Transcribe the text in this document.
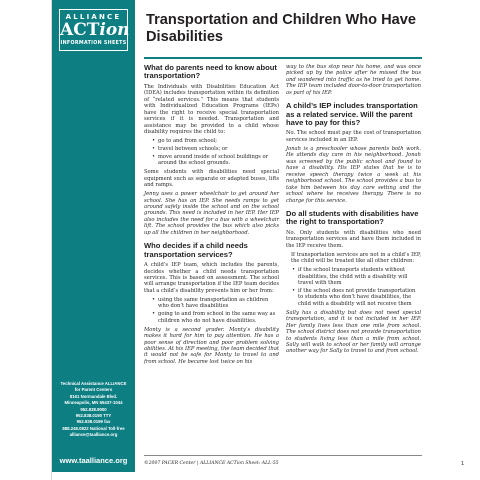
ALLIANCE
ACTion
INFORMATION SHEETS
Technical Assistance ALLIANCE
for Parent Centers
8161 Normandale Blvd.
Minneapolis, MN 55437-1044
952.838.9000
952.838.0190 TTY
952.838.0199 fax
888.248.0822 National Toll-free
alliance@taalliance.org
www.taalliance.org
Transportation and Children Who Have Disabilities
What do parents need to know about transportation?

The Individuals with Disabilities Education Act (IDEA) includes transportation within its definition of “related services.” This means that students with Individualized Education Programs (IEPs) have the right to receive special transportation services if it is needed. Transportation and assistance may be provided to a child whose disability requires the child to:

• go to and from school;
• travel between schools; or
• move around inside of school buildings or around the school grounds.

Some students with disabilities need special equipment such as separate or adapted buses, lifts and ramps.

Jenny uses a power wheelchair to get around her school. She has an IEP. She needs ramps to get around safely inside the school and on the school grounds. This need is included in her IEP. Her IEP also includes the need for a bus with a wheelchair lift. The school provides the bus which also picks up all the children in her neighborhood.

Who decides if a child needs transportation services?

A child’s IEP team, which includes the parents, decides whether a child needs transportation services. This is based on assessment. The school will arrange transportation if the IEP team decides that a child’s disability prevents him or her from:

• using the same transportation as children who don’t have disabilities
• going to and from school in the same way as children who do not have disabilities.

Monty is a second grader. Monty’s disability makes it hard for him to pay attention. He has a poor sense of direction and poor problem solving abilities. At his IEP meeting, the team decided that it would not be safe for Monty to travel to and from school. He became lost twice on his

way to the bus stop near his home, and was once picked up by the police after he missed the bus and wandered into traffic as he tried to get home. The IEP team included door-to-door transportation as part of his IEP.

A child’s IEP includes transportation as a related service. Will the parent have to pay for this?

No. The school must pay the cost of transportation services included in an IEP.

Jonah is a preschooler whose parents both work. He attends day care in his neighborhood. Jonah was screened by the public school and found to have a disability. His IEP states that he is to receive speech therapy twice a week at his neighborhood school. The school provides a bus to take him between his day care setting and the school where he receives therapy. There is no charge for this service.

Do all students with disabilities have the right to transportation?

No. Only students with disabilities who need transportation services and have them included in the IEP receive them.

If transportation services are not in a child’s IEP, the child will be treated like all other children:

• if the school transports students without disabilities, the child with a disability will travel with them
• if the school does not provide transportation to students who don’t have disabilities, the child with a disability will not receive them

Sally has a disability but does not need special transportation, and it is not included in her IEP. Her family lives less than one mile from school. The school district does not provide transportation to students living less than a mile from school. Sally will walk to school or her family will arrange another way for Sally to travel to and from school.

©2007 PACER Center | ALLIANCE ACTion Sheet: ALL-55	1
